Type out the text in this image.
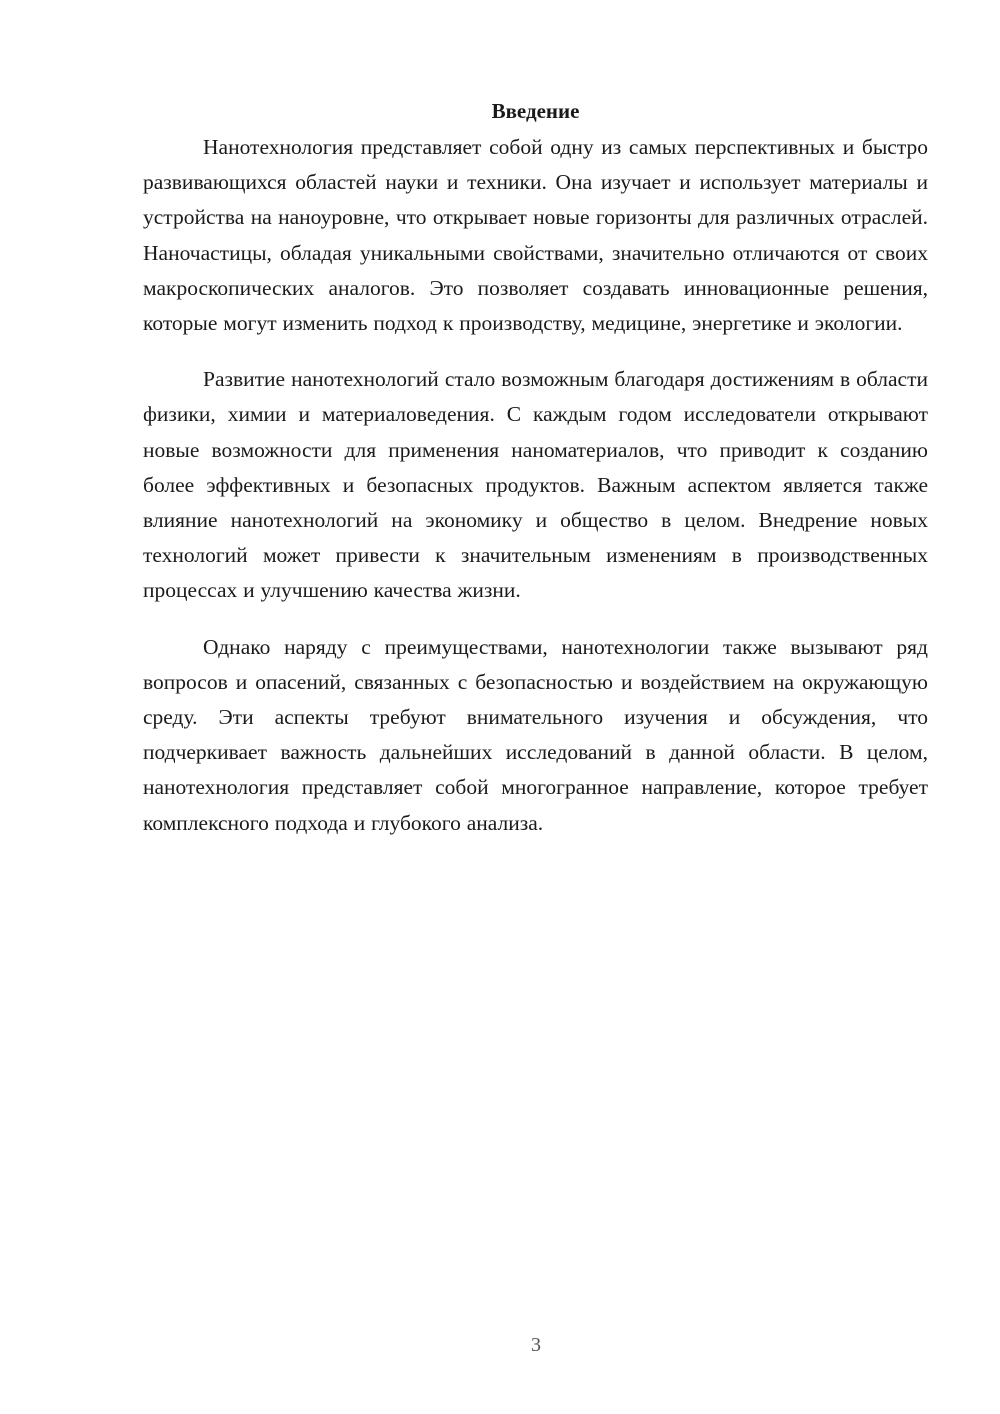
Введение

Нанотехнология представляет собой одну из самых перспективных и быстро развивающихся областей науки и техники. Она изучает и использует материалы и устройства на наноуровне, что открывает новые горизонты для различных отраслей. Наночастицы, обладая уникальными свойствами, значительно отличаются от своих макроскопических аналогов. Это позволяет создавать инновационные решения, которые могут изменить подход к производству, медицине, энергетике и экологии.

Развитие нанотехнологий стало возможным благодаря достижениям в области физики, химии и материаловедения. С каждым годом исследователи открывают новые возможности для применения наноматериалов, что приводит к созданию более эффективных и безопасных продуктов. Важным аспектом является также влияние нанотехнологий на экономику и общество в целом. Внедрение новых технологий может привести к значительным изменениям в производственных процессах и улучшению качества жизни.

Однако наряду с преимуществами, нанотехнологии также вызывают ряд вопросов и опасений, связанных с безопасностью и воздействием на окружающую среду. Эти аспекты требуют внимательного изучения и обсуждения, что подчеркивает важность дальнейших исследований в данной области. В целом, нанотехнология представляет собой многогранное направление, которое требует комплексного подхода и глубокого анализа.

3
